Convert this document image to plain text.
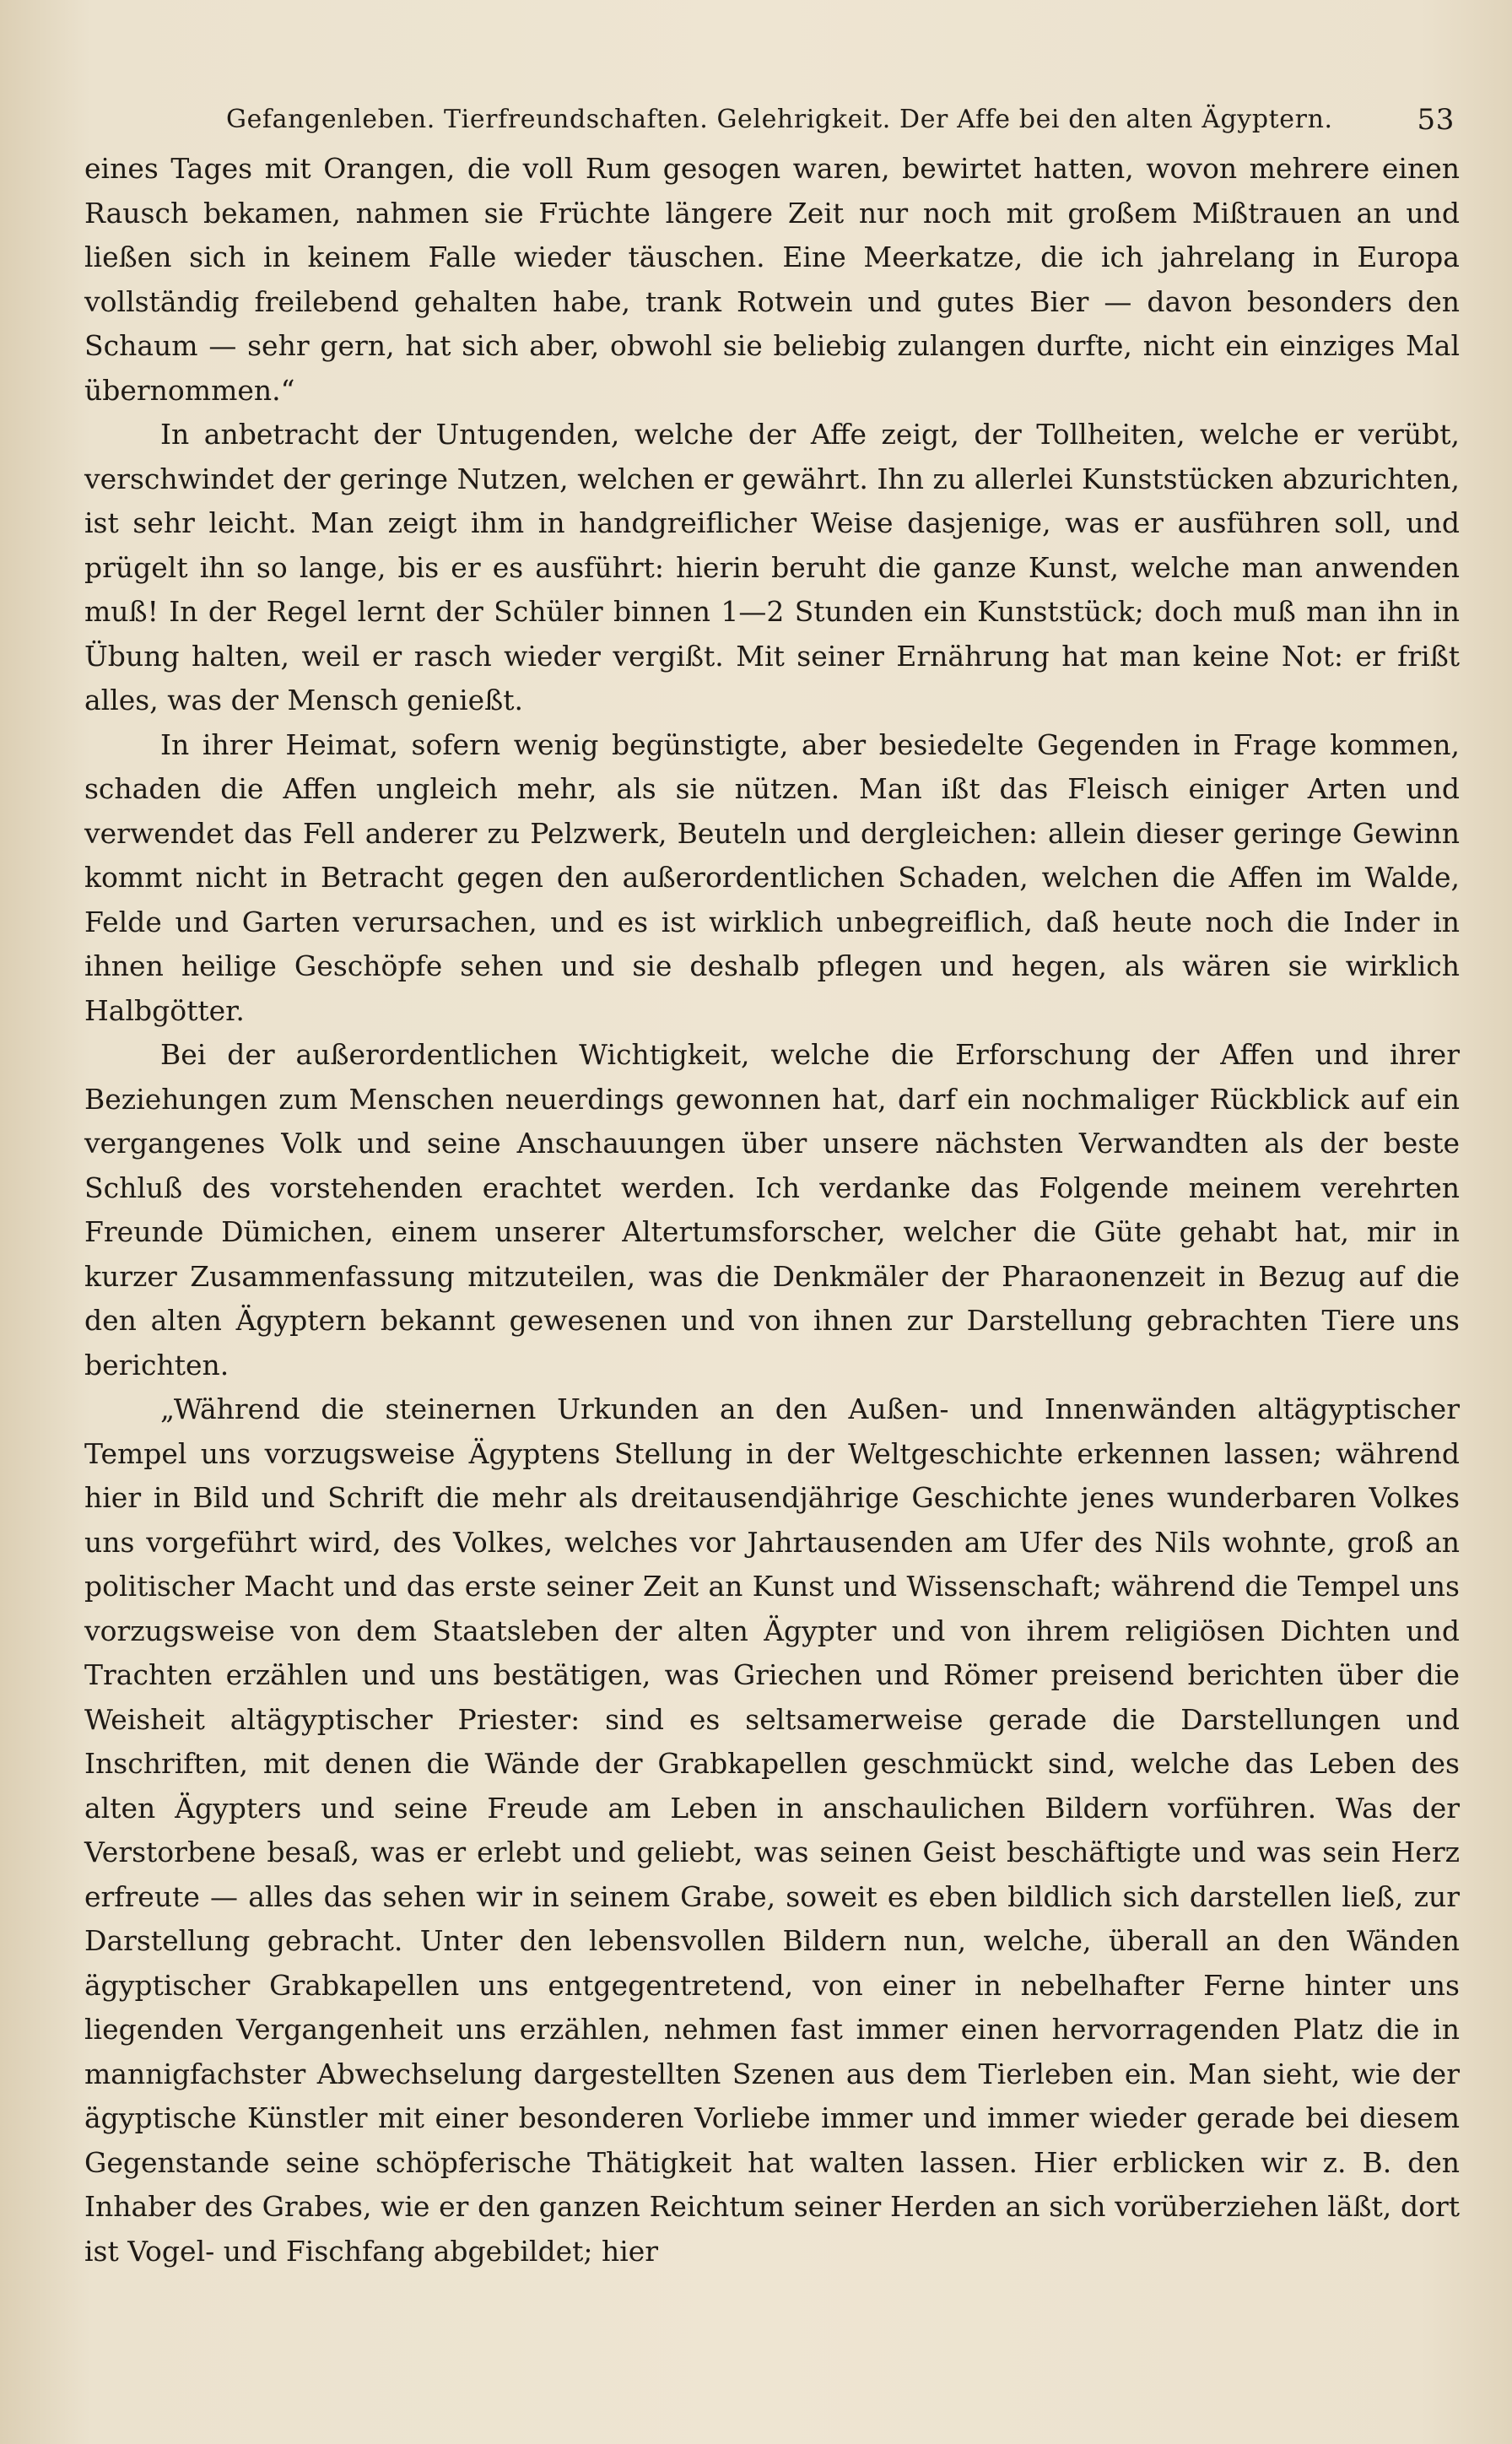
Gefangenleben. Tierfreundschaften. Gelehrigkeit. Der Affe bei den alten Ägyptern.	53

eines Tages mit Orangen, die voll Rum gesogen waren, bewirtet hatten, wovon mehrere einen Rausch bekamen, nahmen sie Früchte längere Zeit nur noch mit großem Mißtrauen an und ließen sich in keinem Falle wieder täuschen. Eine Meerkatze, die ich jahrelang in Europa vollständig freilebend gehalten habe, trank Rotwein und gutes Bier — davon besonders den Schaum — sehr gern, hat sich aber, obwohl sie beliebig zulangen durfte, nicht ein einziges Mal übernommen.“

In anbetracht der Untugenden, welche der Affe zeigt, der Tollheiten, welche er verübt, verschwindet der geringe Nutzen, welchen er gewährt. Ihn zu allerlei Kunststücken abzurichten, ist sehr leicht. Man zeigt ihm in handgreiflicher Weise dasjenige, was er ausführen soll, und prügelt ihn so lange, bis er es ausführt: hierin beruht die ganze Kunst, welche man anwenden muß! In der Regel lernt der Schüler binnen 1—2 Stunden ein Kunststück; doch muß man ihn in Übung halten, weil er rasch wieder vergißt. Mit seiner Ernährung hat man keine Not: er frißt alles, was der Mensch genießt.

In ihrer Heimat, sofern wenig begünstigte, aber besiedelte Gegenden in Frage kommen, schaden die Affen ungleich mehr, als sie nützen. Man ißt das Fleisch einiger Arten und verwendet das Fell anderer zu Pelzwerk, Beuteln und dergleichen: allein dieser geringe Gewinn kommt nicht in Betracht gegen den außerordentlichen Schaden, welchen die Affen im Walde, Felde und Garten verursachen, und es ist wirklich unbegreiflich, daß heute noch die Inder in ihnen heilige Geschöpfe sehen und sie deshalb pflegen und hegen, als wären sie wirklich Halbgötter.

Bei der außerordentlichen Wichtigkeit, welche die Erforschung der Affen und ihrer Beziehungen zum Menschen neuerdings gewonnen hat, darf ein nochmaliger Rückblick auf ein vergangenes Volk und seine Anschauungen über unsere nächsten Verwandten als der beste Schluß des vorstehenden erachtet werden. Ich verdanke das Folgende meinem verehrten Freunde Dümichen, einem unserer Altertumsforscher, welcher die Güte gehabt hat, mir in kurzer Zusammenfassung mitzuteilen, was die Denkmäler der Pharaonenzeit in Bezug auf die den alten Ägyptern bekannt gewesenen und von ihnen zur Darstellung gebrachten Tiere uns berichten.

„Während die steinernen Urkunden an den Außen- und Innenwänden altägyptischer Tempel uns vorzugsweise Ägyptens Stellung in der Weltgeschichte erkennen lassen; während hier in Bild und Schrift die mehr als dreitausendjährige Geschichte jenes wunderbaren Volkes uns vorgeführt wird, des Volkes, welches vor Jahrtausenden am Ufer des Nils wohnte, groß an politischer Macht und das erste seiner Zeit an Kunst und Wissenschaft; während die Tempel uns vorzugsweise von dem Staatsleben der alten Ägypter und von ihrem religiösen Dichten und Trachten erzählen und uns bestätigen, was Griechen und Römer preisend berichten über die Weisheit altägyptischer Priester: sind es seltsamerweise gerade die Darstellungen und Inschriften, mit denen die Wände der Grabkapellen geschmückt sind, welche das Leben des alten Ägypters und seine Freude am Leben in anschaulichen Bildern vorführen. Was der Verstorbene besaß, was er erlebt und geliebt, was seinen Geist beschäftigte und was sein Herz erfreute — alles das sehen wir in seinem Grabe, soweit es eben bildlich sich darstellen ließ, zur Darstellung gebracht. Unter den lebensvollen Bildern nun, welche, überall an den Wänden ägyptischer Grabkapellen uns entgegentretend, von einer in nebelhafter Ferne hinter uns liegenden Vergangenheit uns erzählen, nehmen fast immer einen hervorragenden Platz die in mannigfachster Abwechselung dargestellten Szenen aus dem Tierleben ein. Man sieht, wie der ägyptische Künstler mit einer besonderen Vorliebe immer und immer wieder gerade bei diesem Gegenstande seine schöpferische Thätigkeit hat walten lassen. Hier erblicken wir z. B. den Inhaber des Grabes, wie er den ganzen Reichtum seiner Herden an sich vorüberziehen läßt, dort ist Vogel- und Fischfang abgebildet; hier
